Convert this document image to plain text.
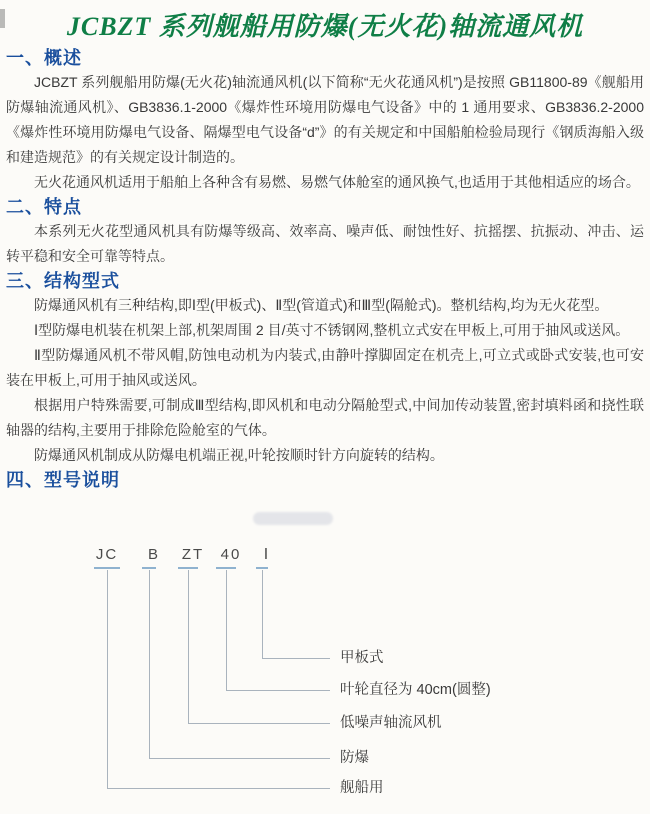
JCBZT 系列舰船用防爆(无火花)轴流通风机
一、概述

JCBZT 系列舰船用防爆(无火花)轴流通风机(以下简称“无火花通风机”)是按照 GB11800-89《舰船用防爆轴流通风机》、GB3836.1-2000《爆炸性环境用防爆电气设备》中的 1 通用要求、GB3836.2-2000《爆炸性环境用防爆电气设备、隔爆型电气设备“d”》的有关规定和中国船舶检验局现行《钢质海船入级和建造规范》的有关规定设计制造的。

无火花通风机适用于船舶上各种含有易燃、易燃气体舱室的通风换气,也适用于其他相适应的场合。

二、特点

本系列无火花型通风机具有防爆等级高、效率高、噪声低、耐蚀性好、抗摇摆、抗振动、冲击、运转平稳和安全可靠等特点。

三、结构型式

防爆通风机有三种结构,即Ⅰ型(甲板式)、Ⅱ型(管道式)和Ⅲ型(隔舱式)。整机结构,均为无火花型。

Ⅰ型防爆电机装在机架上部,机架周围 2 目/英寸不锈钢网,整机立式安在甲板上,可用于抽风或送风。

Ⅱ型防爆通风机不带风帽,防蚀电动机为内装式,由静叶撑脚固定在机壳上,可立式或卧式安装,也可安装在甲板上,可用于抽风或送风。

根据用户特殊需要,可制成Ⅲ型结构,即风机和电动分隔舱型式,中间加传动装置,密封填料函和挠性联轴器的结构,主要用于排除危险舱室的气体。

防爆通风机制成从防爆电机端正视,叶轮按顺时针方向旋转的结构。

四、型号说明
JC	B	ZT	40	Ⅰ
舰船用
防爆
低噪声轴流风机
叶轮直径为 40cm(圆整)
甲板式
